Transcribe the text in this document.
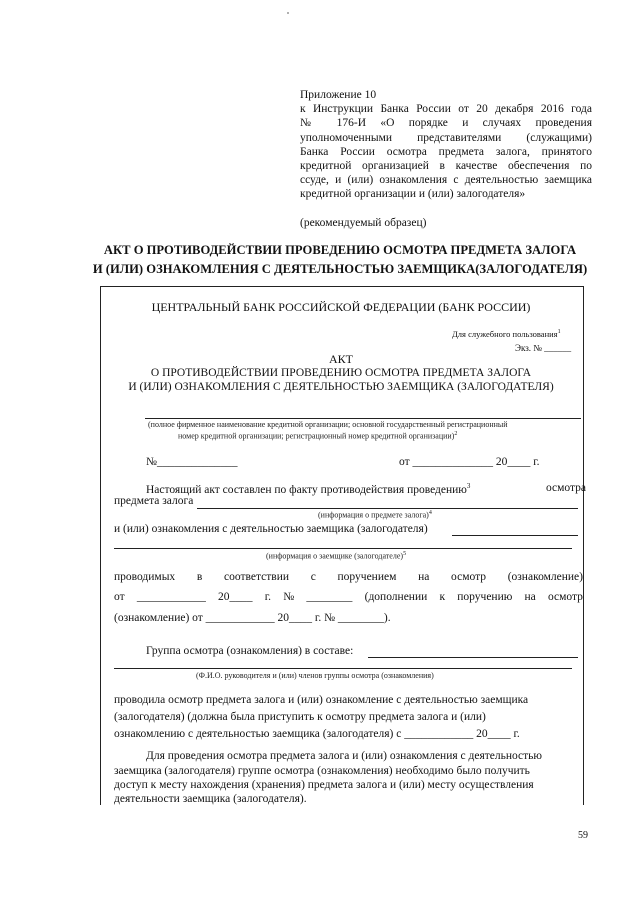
Приложение 10
к Инструкции Банка России от 20 декабря 2016 года
№ 176-И «О порядке и случаях проведения
уполномоченными представителями (служащими)
Банка России осмотра предмета залога, принятого
кредитной организацией в качестве обеспечения по
ссуде, и (или) ознакомления с деятельностью заемщика
кредитной организации и (или) залогодателя»
(рекомендуемый образец)
АКТ О ПРОТИВОДЕЙСТВИИ ПРОВЕДЕНИЮ ОСМОТРА ПРЕДМЕТА ЗАЛОГА
И (ИЛИ) ОЗНАКОМЛЕНИЯ С ДЕЯТЕЛЬНОСТЬЮ ЗАЕМЩИКА(ЗАЛОГОДАТЕЛЯ)
ЦЕНТРАЛЬНЫЙ БАНК РОССИЙСКОЙ ФЕДЕРАЦИИ (БАНК РОССИИ)
Для служебного пользования$^1$
Экз. № ______
АКТ
О ПРОТИВОДЕЙСТВИИ ПРОВЕДЕНИЮ ОСМОТРА ПРЕДМЕТА ЗАЛОГА
И (ИЛИ) ОЗНАКОМЛЕНИЯ С ДЕЯТЕЛЬНОСТЬЮ ЗАЕМЩИКА (ЗАЛОГОДАТЕЛЯ)
(полное фирменное наименование кредитной организации; основной государственный регистрационный
номер кредитной организации; регистрационный номер кредитной организации)$^2$
№______________	от ______________ 20____ г.
Настоящий акт составлен по факту противодействия проведению$^3$	осмотра
предмета залога
(информация о предмете залога)$^4$
и (или) ознакомления с деятельностью заемщика (залогодателя)
(информация о заемщике (залогодателе)$^5$
проводимых в соответствии с поручением на осмотр (ознакомление)
от ____________ 20____ г. № ________ (дополнении к поручению на осмотр
(ознакомление) от ____________ 20____ г. № ________).
Группа осмотра (ознакомления) в составе:
(Ф.И.О. руководителя и (или) членов группы осмотра (ознакомления)
проводила осмотр предмета залога и (или) ознакомление с деятельностью заемщика
(залогодателя) (должна была приступить к осмотру предмета залога и (или)
ознакомлению с деятельностью заемщика (залогодателя) с ____________ 20____ г.
Для проведения осмотра предмета залога и (или) ознакомления с деятельностью
заемщика (залогодателя) группе осмотра (ознакомления) необходимо было получить
доступ к месту нахождения (хранения) предмета залога и (или) месту осуществления
деятельности заемщика (залогодателя).
59
